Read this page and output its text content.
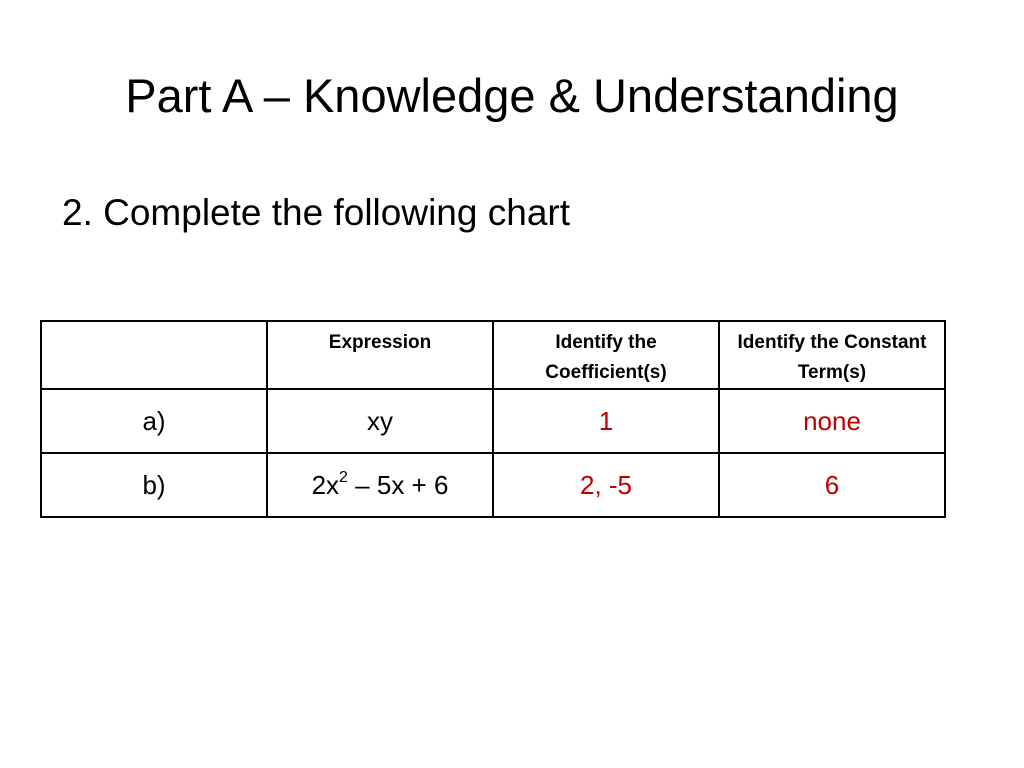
Part A – Knowledge & Understanding

2. Complete the following chart

	Expression	Identify the Coefficient(s)	Identify the Constant Term(s)
a)	xy	1	none
b)	$2x^2 - 5x + 6$	2, -5	6
